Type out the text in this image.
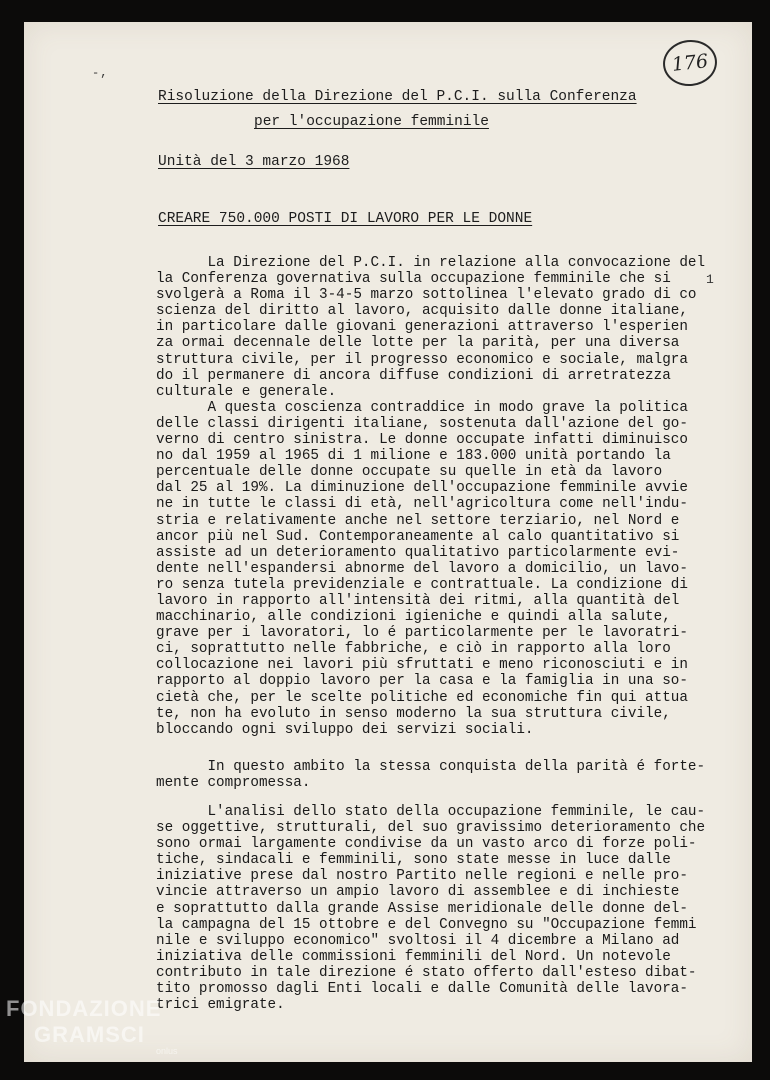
-,	176
Risoluzione della Direzione del P.C.I. sulla Conferenza
per l'occupazione femminile
Unità del 3 marzo 1968
CREARE 750.000 POSTI DI LAVORO PER LE DONNE
1
La Direzione del P.C.I. in relazione alla convocazione del
la Conferenza governativa sulla occupazione femminile che si
svolgerà a Roma il 3-4-5 marzo sottolinea l'elevato grado di co
scienza del diritto al lavoro, acquisito dalle donne italiane,
in particolare dalle giovani generazioni attraverso l'esperien
za ormai decennale delle lotte per la parità, per una diversa
struttura civile, per il progresso economico e sociale, malgra
do il permanere di ancora diffuse condizioni di arretratezza
culturale e generale.
A questa coscienza contraddice in modo grave la politica
delle classi dirigenti italiane, sostenuta dall'azione del go-
verno di centro sinistra. Le donne occupate infatti diminuisco
no dal 1959 al 1965 di 1 milione e 183.000 unità portando la
percentuale delle donne occupate su quelle in età da lavoro
dal 25 al 19%. La diminuzione dell'occupazione femminile avvie
ne in tutte le classi di età, nell'agricoltura come nell'indu-
stria e relativamente anche nel settore terziario, nel Nord e
ancor più nel Sud. Contemporaneamente al calo quantitativo si
assiste ad un deterioramento qualitativo particolarmente evi-
dente nell'espandersi abnorme del lavoro a domicilio, un lavo-
ro senza tutela previdenziale e contrattuale. La condizione di
lavoro in rapporto all'intensità dei ritmi, alla quantità del
macchinario, alle condizioni igieniche e quindi alla salute,
grave per i lavoratori, lo é particolarmente per le lavoratri-
ci, soprattutto nelle fabbriche, e ciò in rapporto alla loro
collocazione nei lavori più sfruttati e meno riconosciuti e in
rapporto al doppio lavoro per la casa e la famiglia in una so-
cietà che, per le scelte politiche ed economiche fin qui attua
te, non ha evoluto in senso moderno la sua struttura civile,
bloccando ogni sviluppo dei servizi sociali.
In questo ambito la stessa conquista della parità é forte-
mente compromessa.
L'analisi dello stato della occupazione femminile, le cau-
se oggettive, strutturali, del suo gravissimo deterioramento che
sono ormai largamente condivise da un vasto arco di forze poli-
tiche, sindacali e femminili, sono state messe in luce dalle
iniziative prese dal nostro Partito nelle regioni e nelle pro-
vincie attraverso un ampio lavoro di assemblee e di inchieste
e soprattutto dalla grande Assise meridionale delle donne del-
la campagna del 15 ottobre e del Convegno su "Occupazione femmi
nile e sviluppo economico" svoltosi il 4 dicembre a Milano ad
iniziativa delle commissioni femminili del Nord. Un notevole
contributo in tale direzione é stato offerto dall'esteso dibat-
tito promosso dagli Enti locali e dalle Comunità delle lavora-
trici emigrate.
FONDAZIONE
GRAMSCI
onlus
